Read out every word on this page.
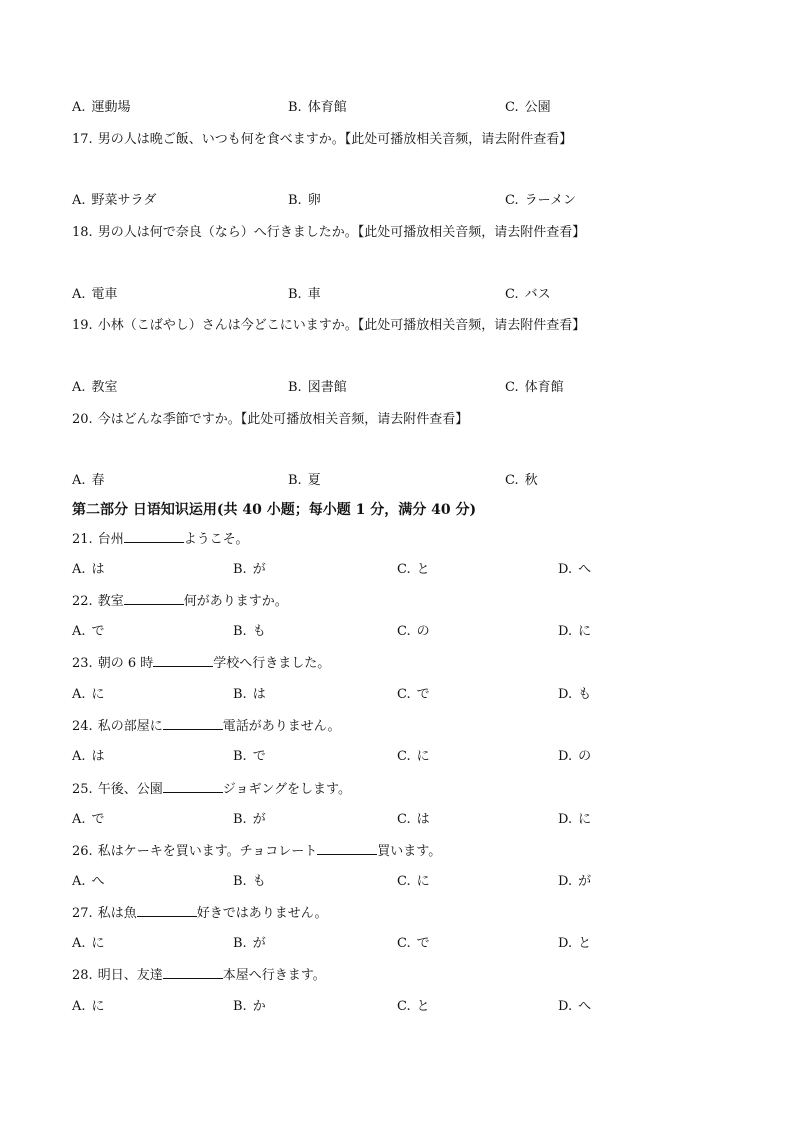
A. 運動場	B. 体育館	C. 公園
17. 男の人は晩ご飯、いつも何を食べますか。【此处可播放相关音频，请去附件查看】
A. 野菜サラダ	B. 卵	C. ラーメン
18. 男の人は何で奈良（なら）へ行きましたか。【此处可播放相关音频，请去附件查看】
A. 電車	B. 車	C. バス
19. 小林（こばやし）さんは今どこにいますか。【此处可播放相关音频，请去附件查看】
A. 教室	B. 図書館	C. 体育館
20. 今はどんな季節ですか。【此处可播放相关音频，请去附件查看】
A. 春	B. 夏	C. 秋
第二部分 日语知识运用(共 40 小题；每小题 1 分，满分 40 分)
21. 台州	ようこそ。
A. は	B. が	C. と	D. へ
22. 教室	何がありますか。
A. で	B. も	C. の	D. に
23. 朝の 6 時	学校へ行きました。
A. に	B. は	C. で	D. も
24. 私の部屋に	電話がありません。
A. は	B. で	C. に	D. の
25. 午後、公園	ジョギングをします。
A. で	B. が	C. は	D. に
26. 私はケーキを買います。チョコレート	買います。
A. へ	B. も	C. に	D. が
27. 私は魚	好きではありません。
A. に	B. が	C. で	D. と
28. 明日、友達	本屋へ行きます。
A. に	B. か	C. と	D. へ
